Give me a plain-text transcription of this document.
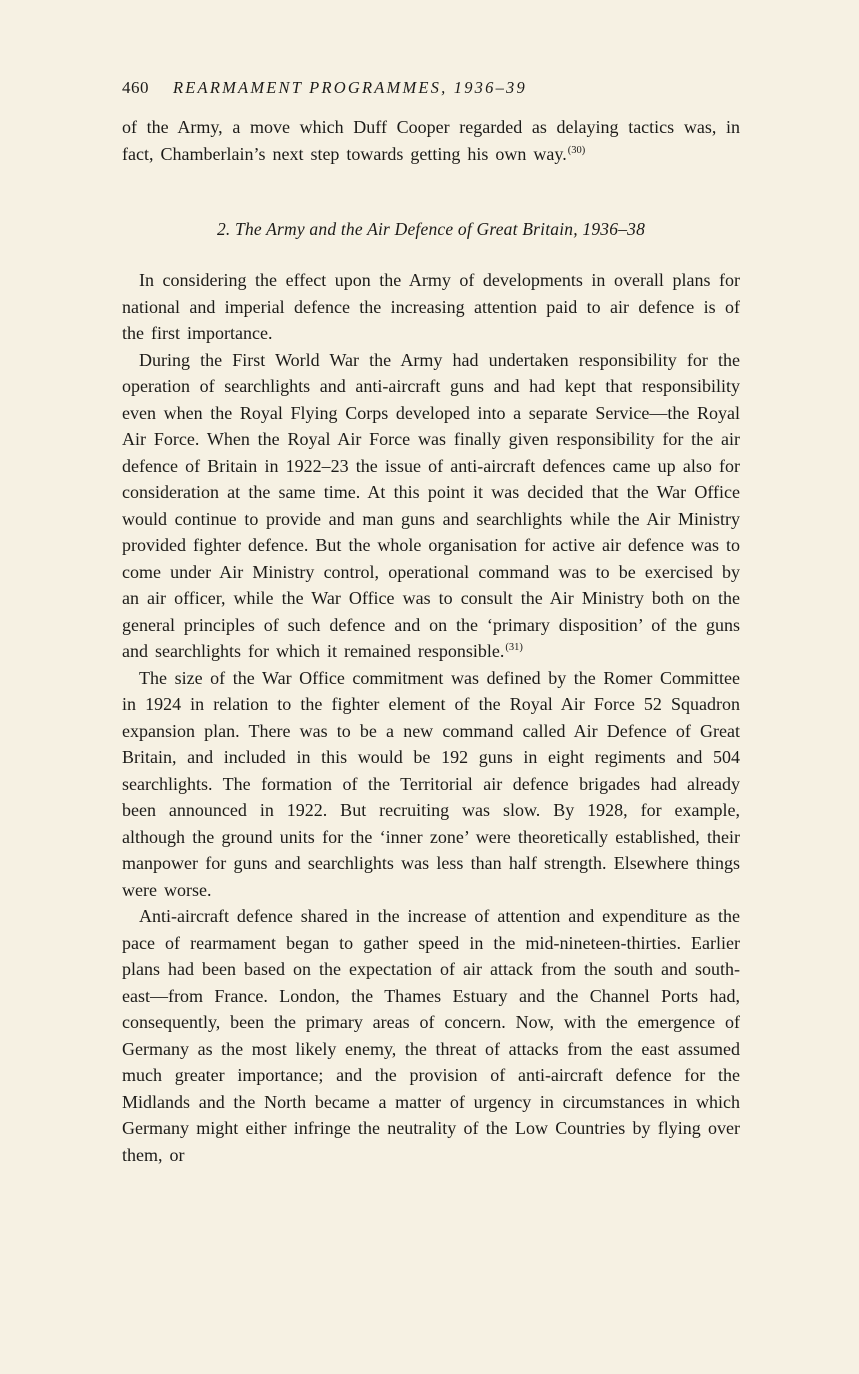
460 REARMAMENT PROGRAMMES, 1936–39

of the Army, a move which Duff Cooper regarded as delaying tactics was, in fact, Chamberlain’s next step towards getting his own way.$^{(30)}$

2. The Army and the Air Defence of Great Britain, 1936–38

In considering the effect upon the Army of developments in overall plans for national and imperial defence the increasing attention paid to air defence is of the first importance.

During the First World War the Army had undertaken responsibility for the operation of searchlights and anti-aircraft guns and had kept that responsibility even when the Royal Flying Corps developed into a separate Service—the Royal Air Force. When the Royal Air Force was finally given responsibility for the air defence of Britain in 1922–23 the issue of anti-aircraft defences came up also for consideration at the same time. At this point it was decided that the War Office would continue to provide and man guns and searchlights while the Air Ministry provided fighter defence. But the whole organisation for active air defence was to come under Air Ministry control, operational command was to be exercised by an air officer, while the War Office was to consult the Air Ministry both on the general principles of such defence and on the ‘primary disposition’ of the guns and searchlights for which it remained responsible.$^{(31)}$

The size of the War Office commitment was defined by the Romer Committee in 1924 in relation to the fighter element of the Royal Air Force 52 Squadron expansion plan. There was to be a new command called Air Defence of Great Britain, and included in this would be 192 guns in eight regiments and 504 searchlights. The formation of the Territorial air defence brigades had already been announced in 1922. But recruiting was slow. By 1928, for example, although the ground units for the ‘inner zone’ were theoretically established, their manpower for guns and searchlights was less than half strength. Elsewhere things were worse.

Anti-aircraft defence shared in the increase of attention and expenditure as the pace of rearmament began to gather speed in the mid-nineteen-thirties. Earlier plans had been based on the expectation of air attack from the south and south-east—from France. London, the Thames Estuary and the Channel Ports had, consequently, been the primary areas of concern. Now, with the emergence of Germany as the most likely enemy, the threat of attacks from the east assumed much greater importance; and the provision of anti-aircraft defence for the Midlands and the North became a matter of urgency in circumstances in which Germany might either infringe the neutrality of the Low Countries by flying over them, or
